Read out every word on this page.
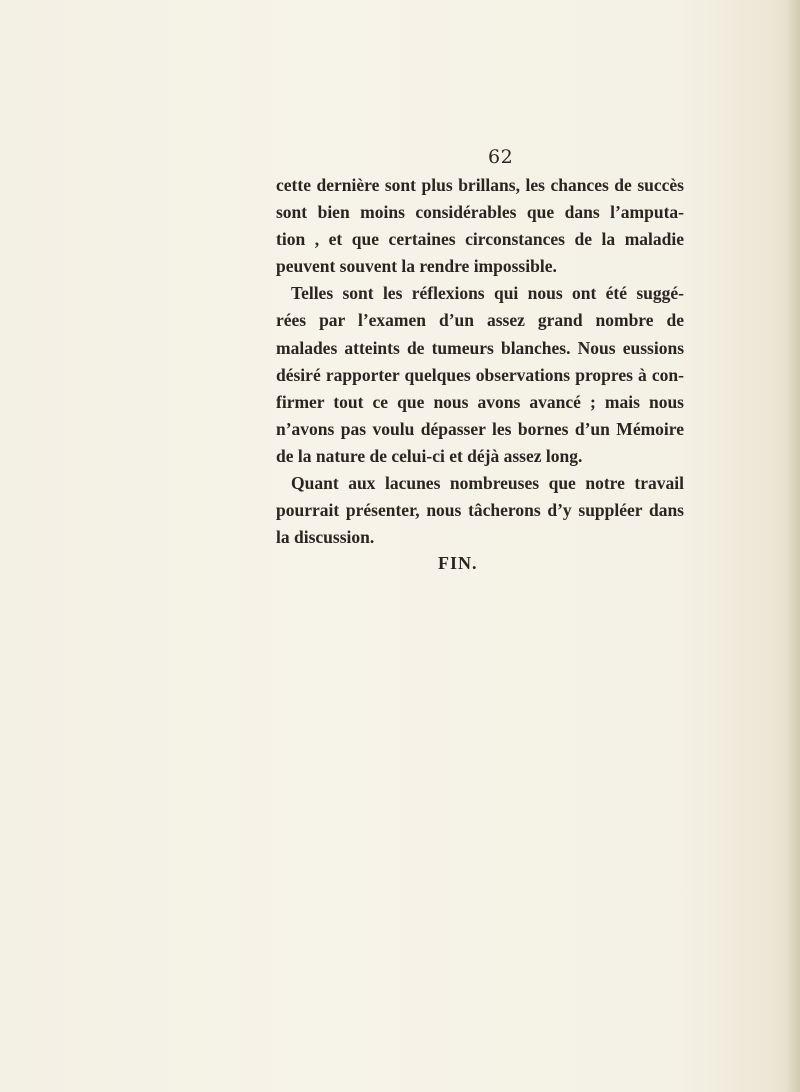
62
cette dernière sont plus brillans, les chances de succès
sont bien moins considérables que dans l’amputa-
tion , et que certaines circonstances de la maladie
peuvent souvent la rendre impossible.
Telles sont les réflexions qui nous ont été suggé-
rées par l’examen d’un assez grand nombre de
malades atteints de tumeurs blanches. Nous eussions
désiré rapporter quelques observations propres à con-
firmer tout ce que nous avons avancé ; mais nous
n’avons pas voulu dépasser les bornes d’un Mémoire
de la nature de celui-ci et déjà assez long.
Quant aux lacunes nombreuses que notre travail
pourrait présenter, nous tâcherons d’y suppléer dans
la discussion.
FIN.
